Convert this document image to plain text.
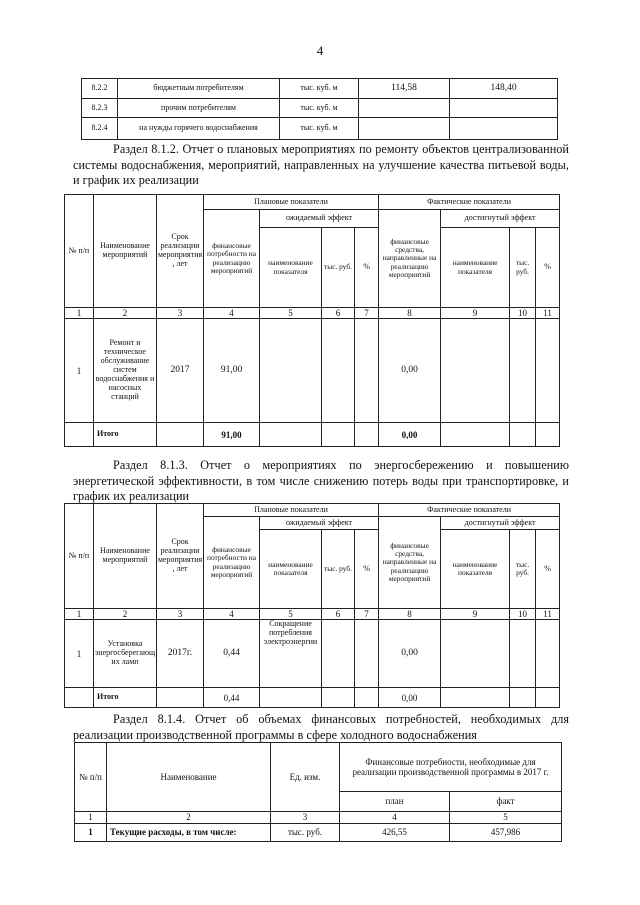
4
8.2.2	бюджетным потребителям	тыс. куб. м	114,58	148,40
8.2.3	прочим потребителям	тыс. куб. м		
8.2.4	на нужды горячего водоснабжения	тыс. куб. м		
Раздел 8.1.2. Отчет о плановых мероприятиях по ремонту объектов централизованной системы водоснабжения, мероприятий, направленных на улучшение качества питьевой воды, и график их реализации
№ п/п	Наименование мероприятий	Срок реализации мероприятия, лет	Плановые показатели				Фактические показатели			
			финансовые потребности на реализацию мероприятий	ожидаемый эффект			финансовые средства, направленные на реализацию мероприятий	достигнутый эффект		
				наименование показателя	тыс. руб.	%		наименование показателя	тыс. руб.	%
1	2	3	4	5	6	7	8	9	10	11
1	Ремонт и техническое обслуживание систем водоснабжения и насосных станций	2017	91,00				0,00			
	Итого		91,00				0,00			
Раздел 8.1.3. Отчет о мероприятиях по энергосбережению и повышению энергетической эффективности, в том числе снижению потерь воды при транспортировке, и график их реализации
№ п/п	Наименование мероприятий	Срок реализации мероприятия, лет	Плановые показатели				Фактические показатели			
			финансовые потребности на реализацию мероприятий	ожидаемый эффект			финансовые средства, направленные на реализацию мероприятий	достигнутый эффект		
				наименование показателя	тыс. руб.	%		наименование показателя	тыс. руб.	%
1	2	3	4	5	6	7	8	9	10	11
1	Установка энергосберегающих ламп	2017г.	0,44	Сокращение потребления электроэнергии			0,00			
	Итого		0,44				0,00			
Раздел 8.1.4. Отчет об объемах финансовых потребностей, необходимых для реализации производственной программы в сфере холодного водоснабжения
№ п/п	Наименование	Ед. изм.	Финансовые потребности, необходимые для реализации производственной программы в 2017 г.	
			план	факт
1	2	3	4	5
1	Текущие расходы, в том числе:	тыс. руб.	426,55	457,986
